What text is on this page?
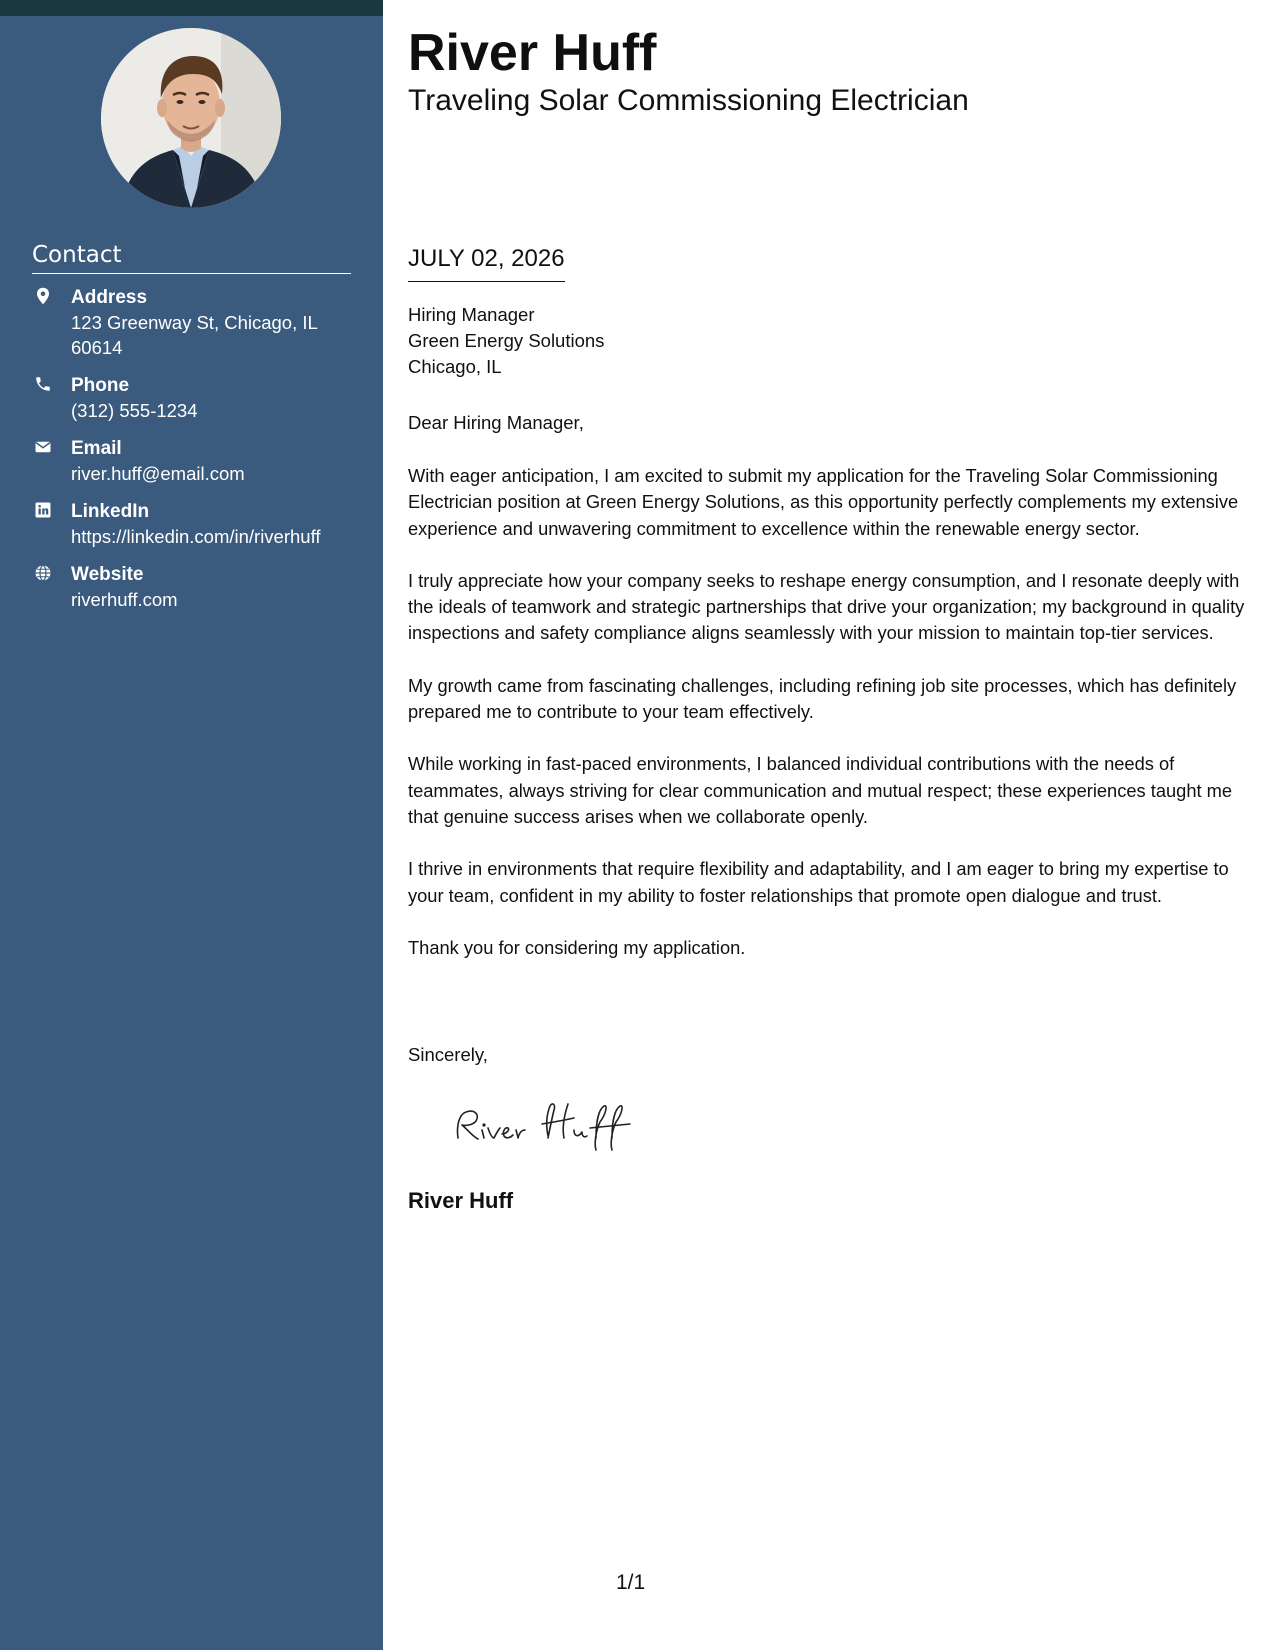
Contact
Address
123 Greenway St, Chicago, IL 60614
Phone
(312) 555-1234
Email
river.huff@email.com
LinkedIn
https://linkedin.com/in/riverhuff
Website
riverhuff.com
River Huff
Traveling Solar Commissioning Electrician
JULY 02, 2026
Hiring Manager
Green Energy Solutions
Chicago, IL
Dear Hiring Manager,

With eager anticipation, I am excited to submit my application for the Traveling Solar Commissioning Electrician position at Green Energy Solutions, as this opportunity perfectly complements my extensive experience and unwavering commitment to excellence within the renewable energy sector.

I truly appreciate how your company seeks to reshape energy consumption, and I resonate deeply with the ideals of teamwork and strategic partnerships that drive your organization; my background in quality inspections and safety compliance aligns seamlessly with your mission to maintain top-tier services.

My growth came from fascinating challenges, including refining job site processes, which has definitely prepared me to contribute to your team effectively.

While working in fast-paced environments, I balanced individual contributions with the needs of teammates, always striving for clear communication and mutual respect; these experiences taught me that genuine success arises when we collaborate openly.

I thrive in environments that require flexibility and adaptability, and I am eager to bring my expertise to your team, confident in my ability to foster relationships that promote open dialogue and trust.

Thank you for considering my application.

Sincerely,
River Huff
1/1
